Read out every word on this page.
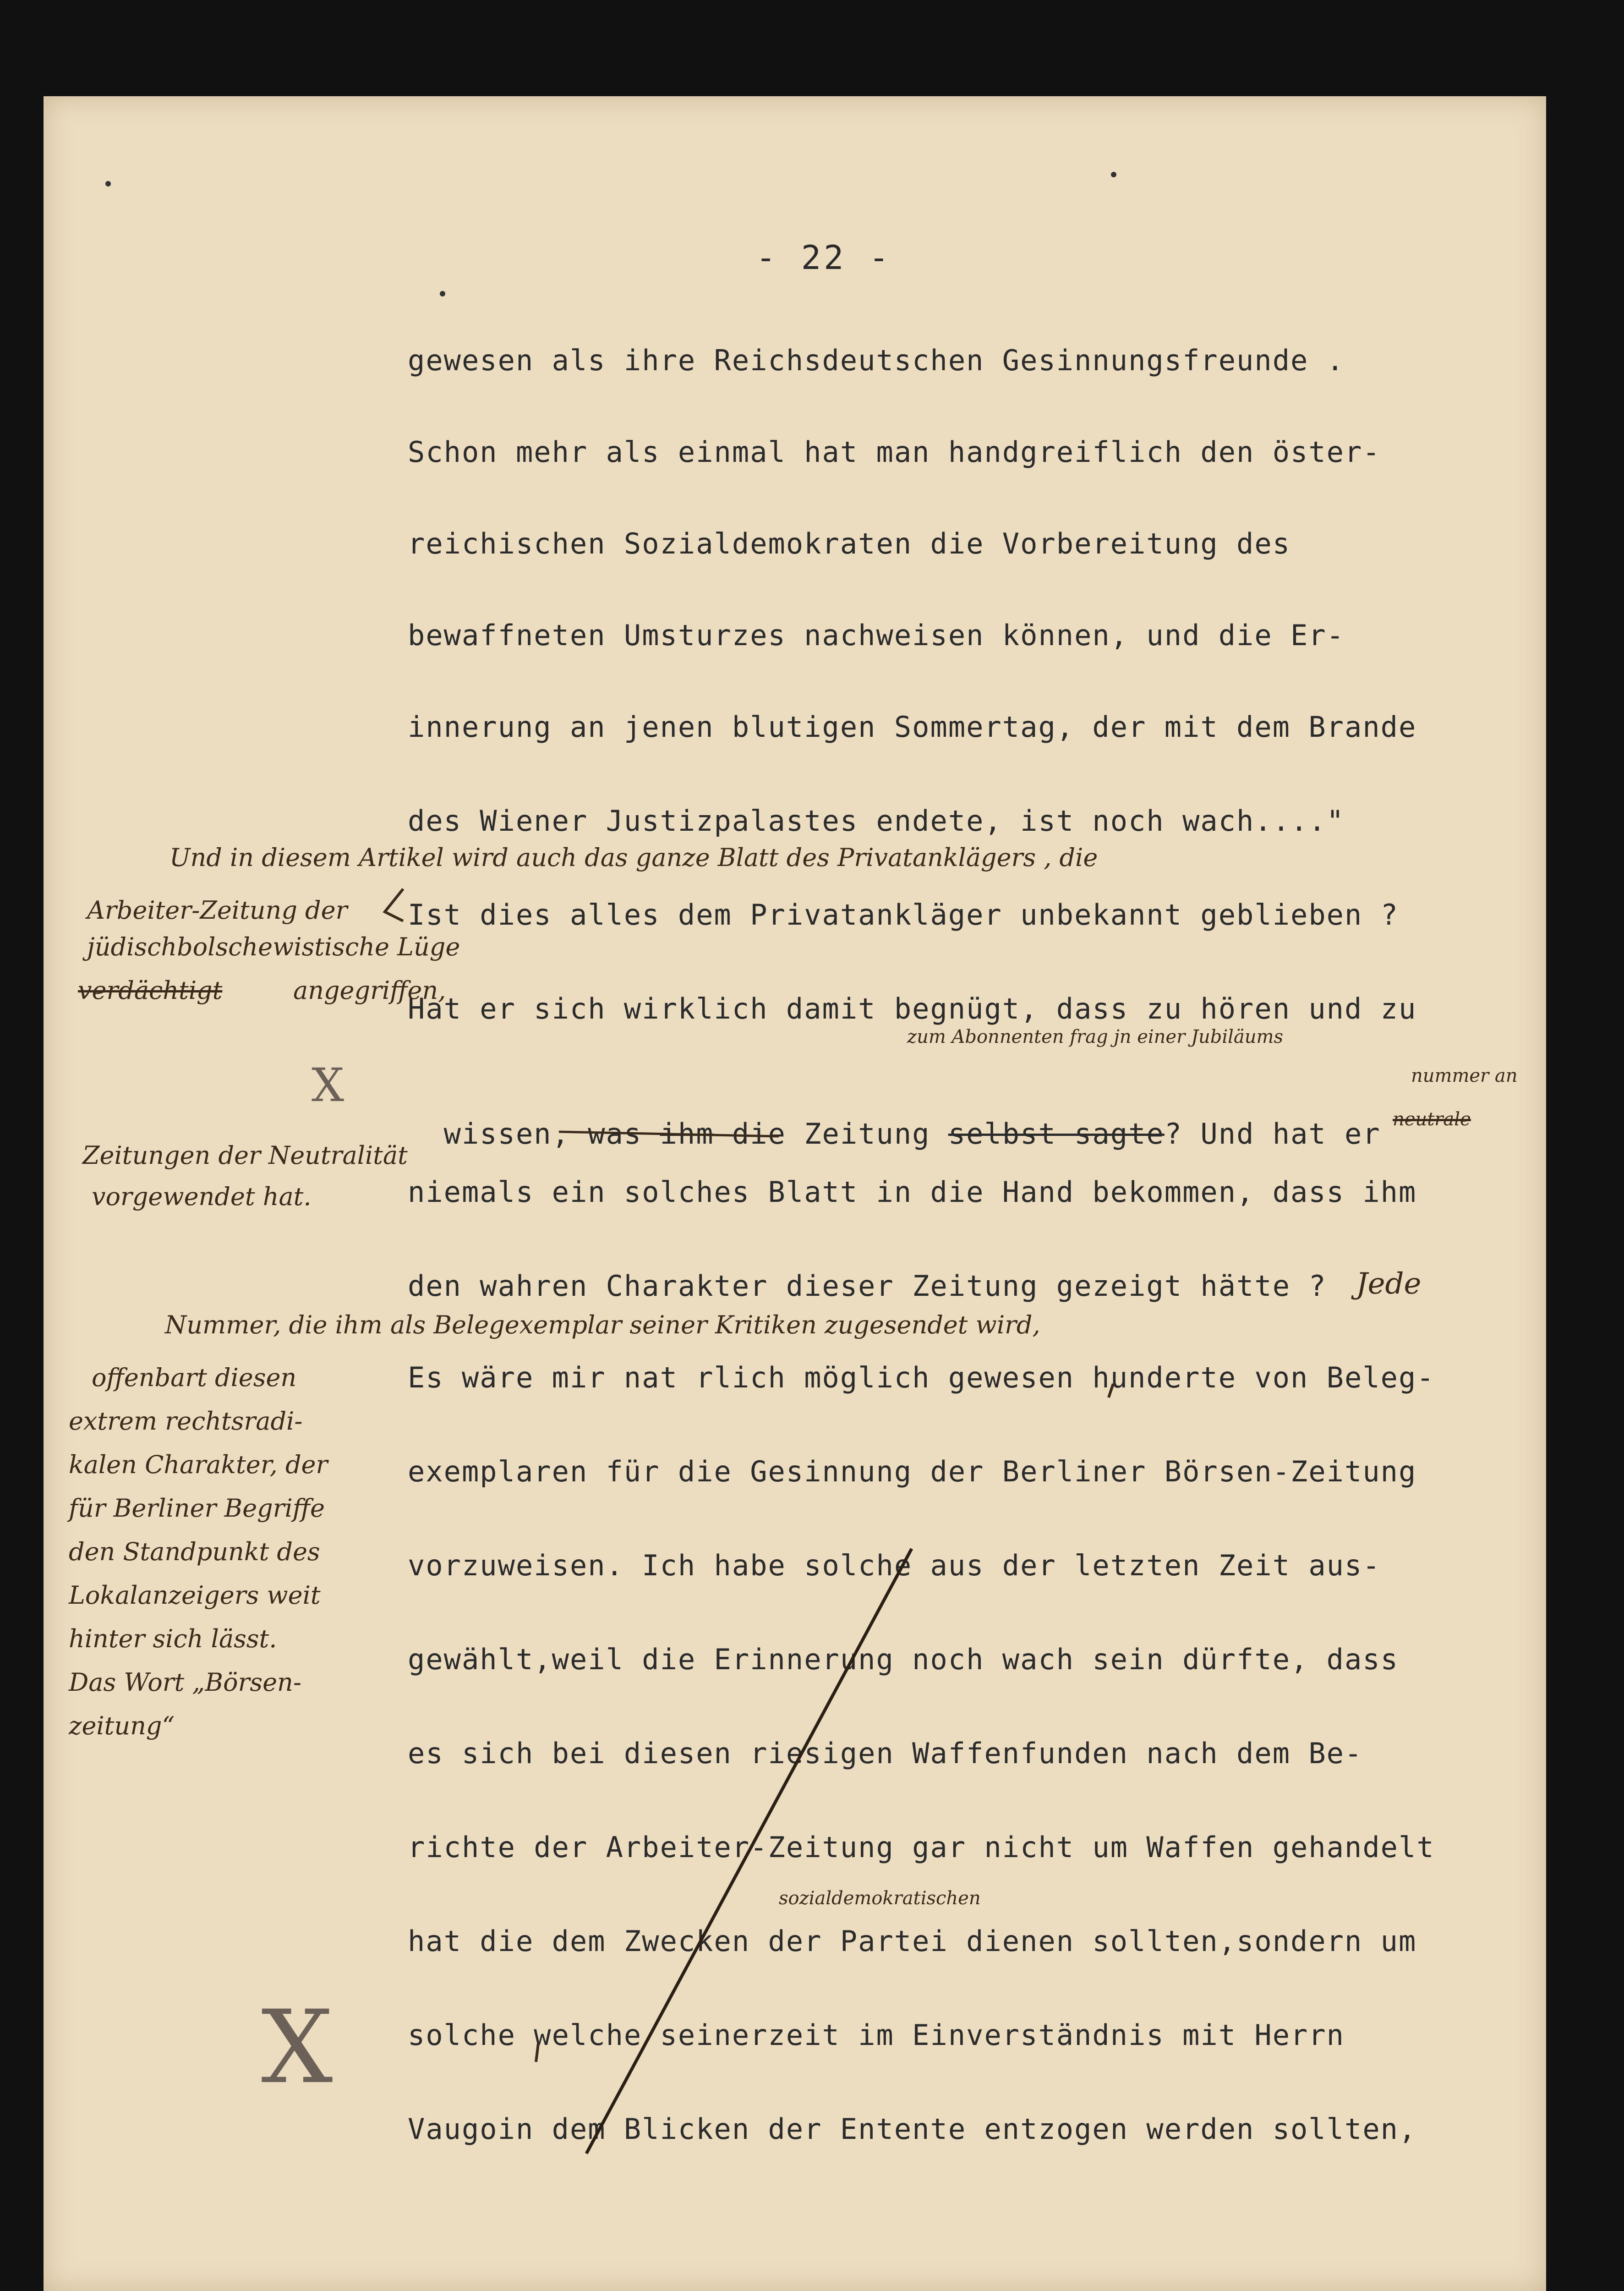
- 22 -
gewesen als ihre Reichsdeutschen Gesinnungsfreunde .
Schon mehr als einmal hat man handgreiflich den öster-
reichischen Sozialdemokraten die Vorbereitung des
bewaffneten Umsturzes nachweisen können, und die Er-
innerung an jenen blutigen Sommertag, der mit dem Brande
des Wiener Justizpalastes endete, ist noch wach...."
Ist dies alles dem Privatankläger unbekannt geblieben ?
Hat er sich wirklich damit begnügt, dass zu hören und zu

wissen, was ihm die Zeitung selbst sagte? Und hat er

niemals ein solches Blatt in die Hand bekommen, dass ihm
den wahren Charakter dieser Zeitung gezeigt hätte ?
Es wäre mir nat rlich möglich gewesen hunderte von Beleg-
exemplaren für die Gesinnung der Berliner Börsen-Zeitung
vorzuweisen. Ich habe solche aus der letzten Zeit aus-
gewählt,weil die Erinnerung noch wach sein dürfte, dass
es sich bei diesen riesigen Waffenfunden nach dem Be-
richte der Arbeiter-Zeitung gar nicht um Waffen gehandelt
hat die dem Zwecken der Partei dienen sollten,sondern um
solche welche seinerzeit im Einverständnis mit Herrn
Vaugoin dem Blicken der Entente entzogen werden sollten,
Und in diesem Artikel wird auch das ganze Blatt des Privatanklägers , die
Arbeiter-Zeitung der
jüdischbolschewistische Lüge
verdächtigt	angegriffen,
zum Abonnenten frag jn einer Jubiläums
nummer an
neutrale
X
Zeitungen der Neutralität
vorgewendet hat.
Jede
Nummer, die ihm als Belegexemplar seiner Kritiken zugesendet wird,
offenbart diesen
extrem rechtsradi-
kalen Charakter, der
für Berliner Begriffe
den Standpunkt des
Lokalanzeigers weit
hinter sich lässt.
Das Wort „Börsen-
zeitung“
sozialdemokratischen
X
